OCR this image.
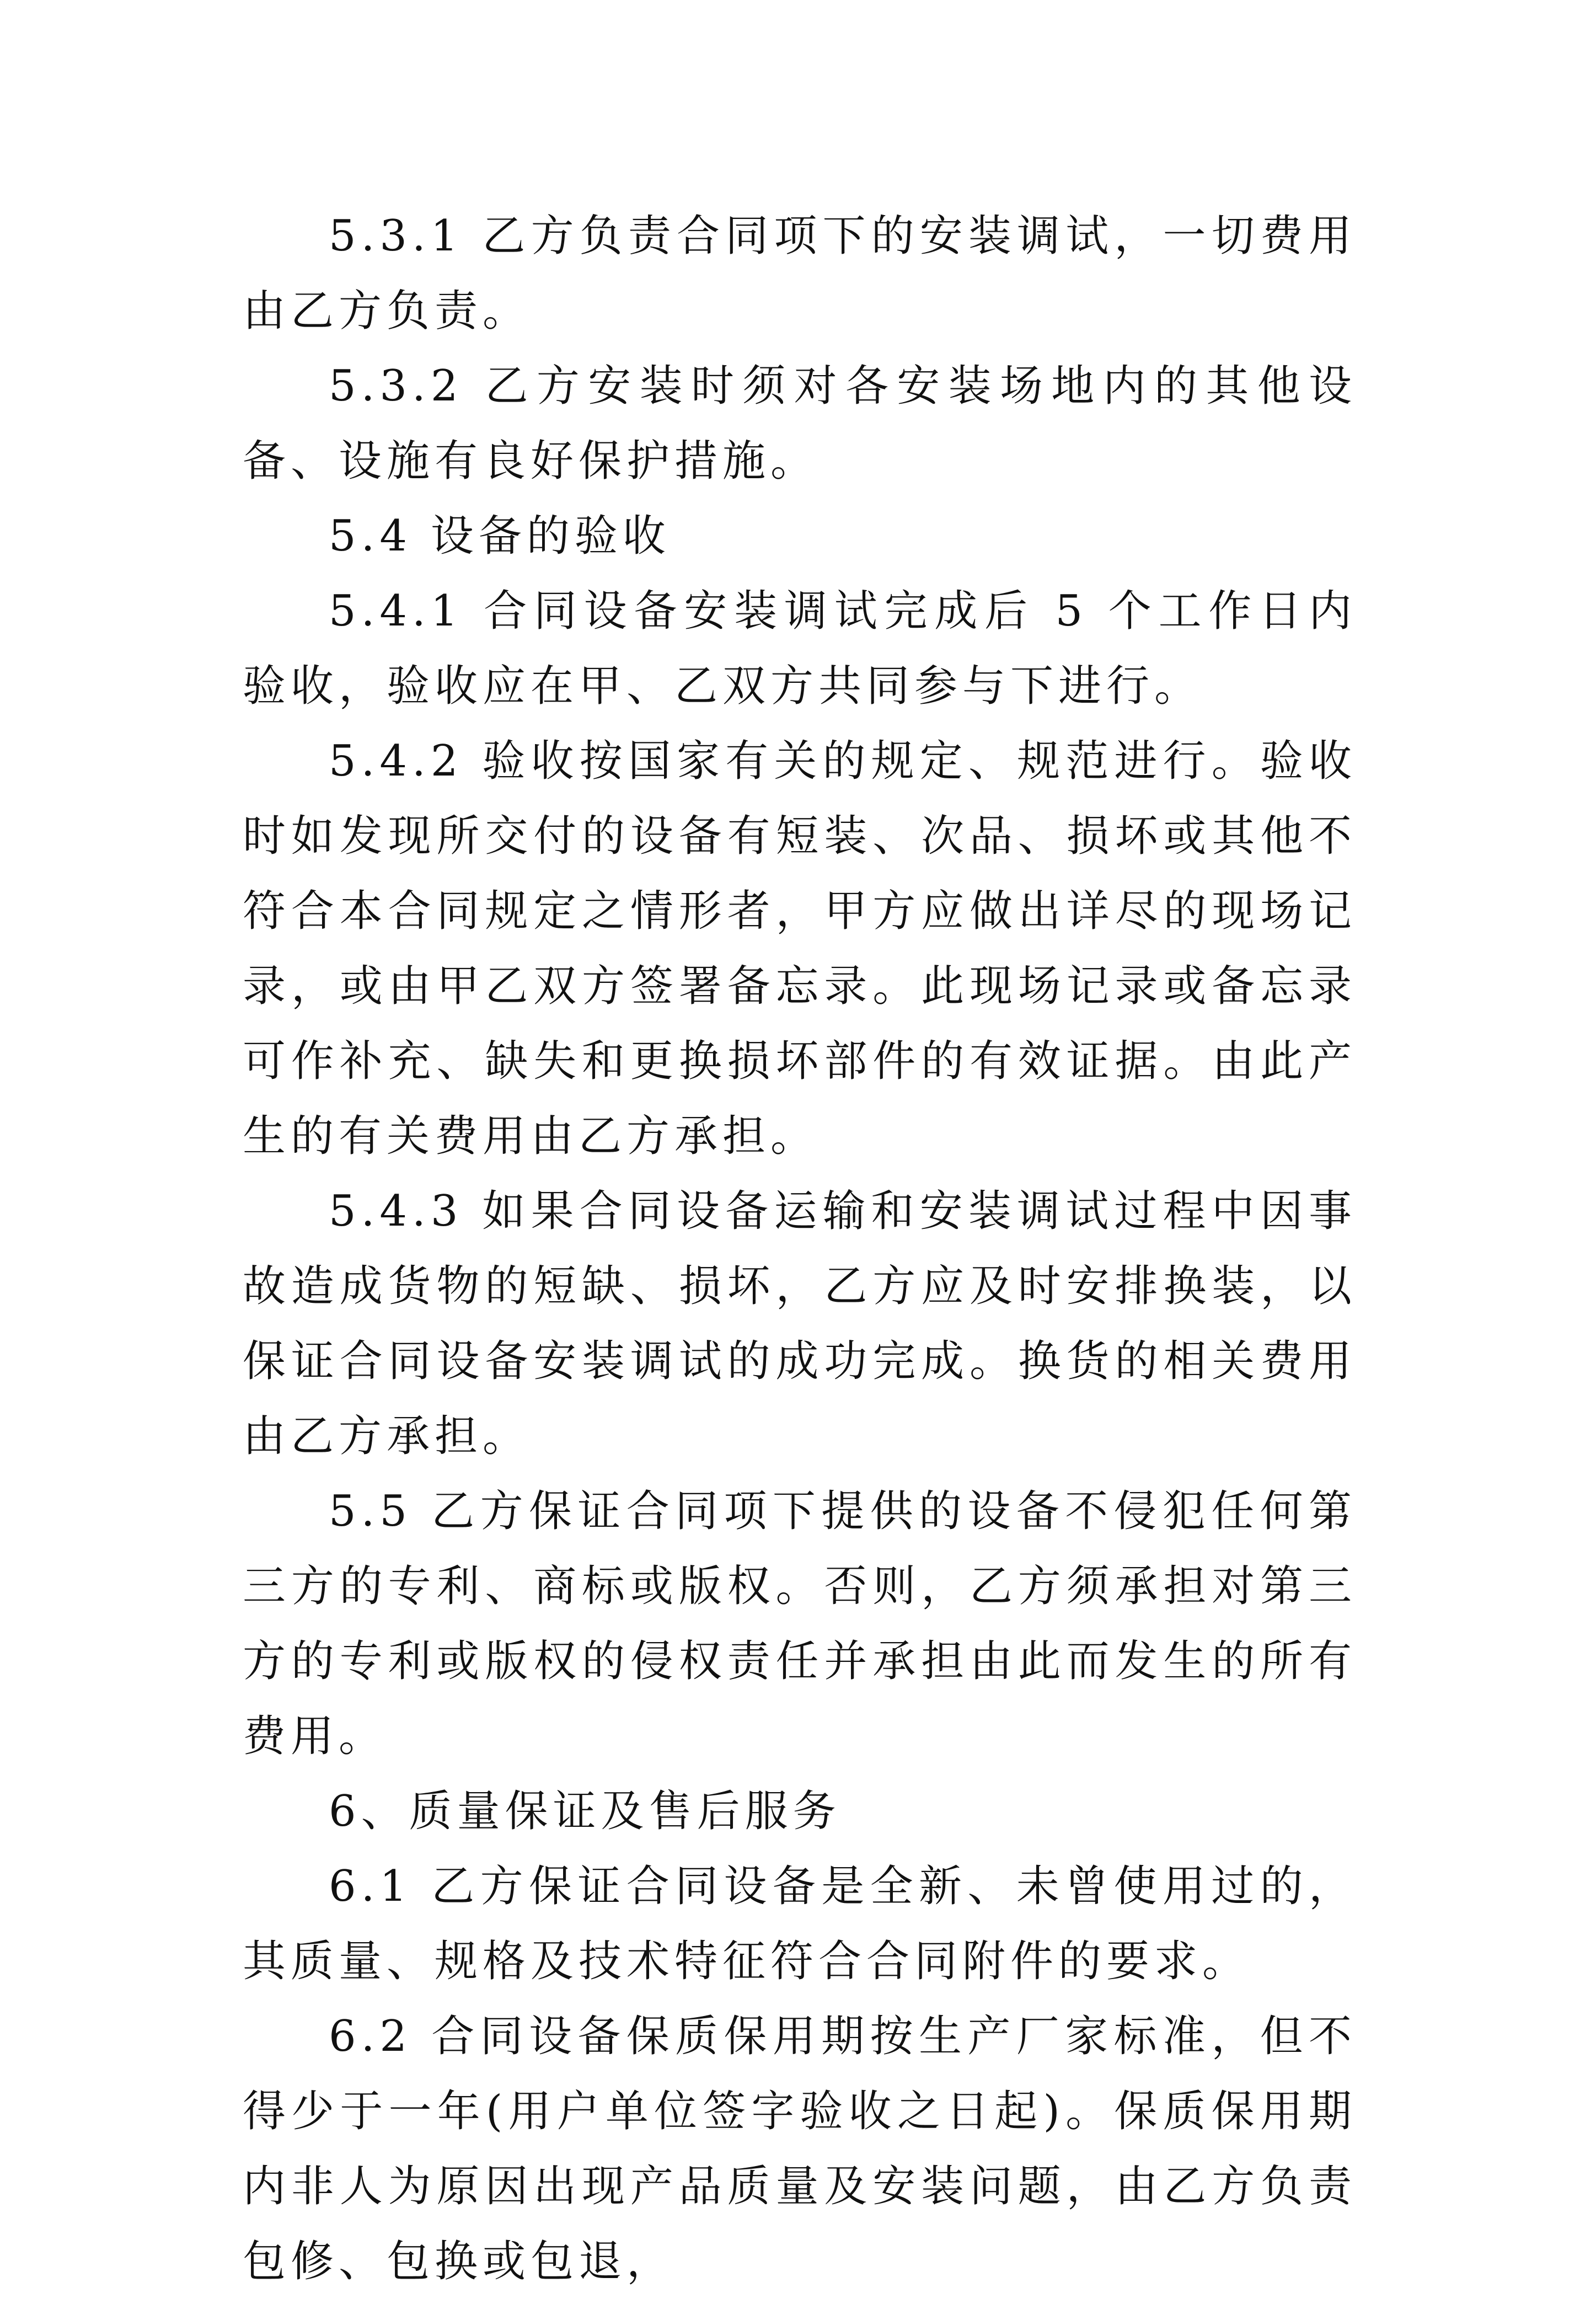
5.3.1 乙方负责合同项下的安装调试，一切费用由乙方负责。

5.3.2 乙方安装时须对各安装场地内的其他设备、设施有良好保护措施。

5.4 设备的验收

5.4.1 合同设备安装调试完成后 5 个工作日内验收，验收应在甲、乙双方共同参与下进行。

5.4.2 验收按国家有关的规定、规范进行。验收时如发现所交付的设备有短装、次品、损坏或其他不符合本合同规定之情形者，甲方应做出详尽的现场记录，或由甲乙双方签署备忘录。此现场记录或备忘录可作补充、缺失和更换损坏部件的有效证据。由此产生的有关费用由乙方承担。

5.4.3 如果合同设备运输和安装调试过程中因事故造成货物的短缺、损坏，乙方应及时安排换装，以保证合同设备安装调试的成功完成。换货的相关费用由乙方承担。

5.5 乙方保证合同项下提供的设备不侵犯任何第三方的专利、商标或版权。否则，乙方须承担对第三方的专利或版权的侵权责任并承担由此而发生的所有费用。

6、质量保证及售后服务

6.1 乙方保证合同设备是全新、未曾使用过的，其质量、规格及技术特征符合合同附件的要求。

6.2 合同设备保质保用期按生产厂家标准，但不得少于一年(用户单位签字验收之日起)。保质保用期内非人为原因出现产品质量及安装问题，由乙方负责包修、包换或包退，
